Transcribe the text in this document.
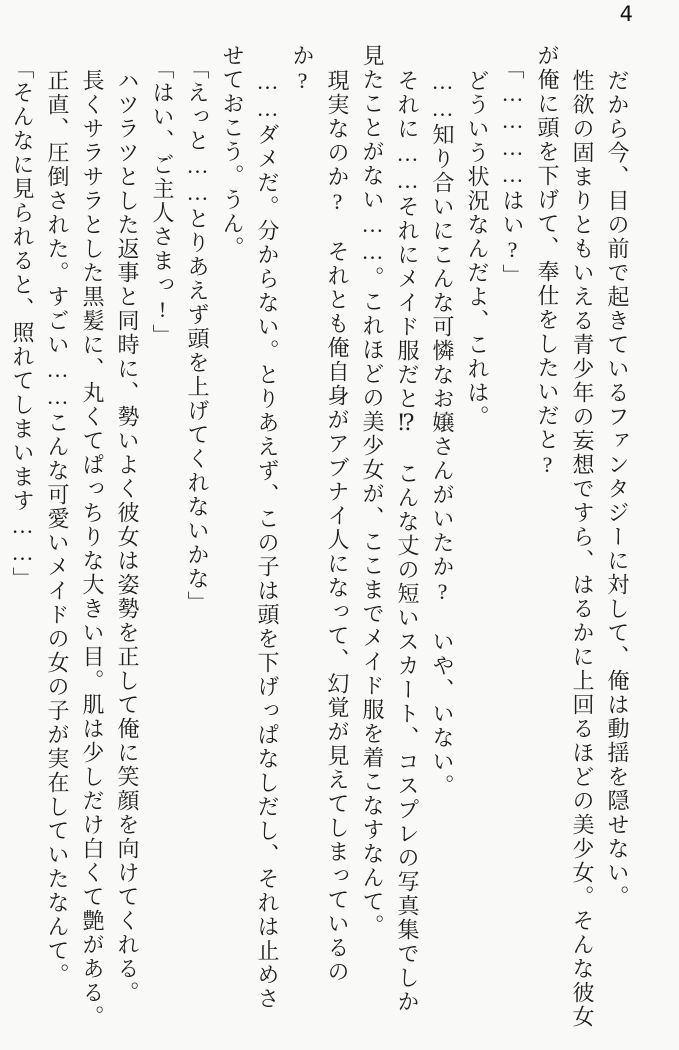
4
だから今、目の前で起きているファンタジーに対して、俺は動揺を隠せない。
性欲の固まりともいえる青少年の妄想ですら、はるかに上回るほどの美少女。そんな彼女が俺に頭を下げて、奉仕をしたいだと?
「…………はい?」
どういう状況なんだよ、これは。
……知り合いにこんな可憐なお嬢さんがいたか?　いや、いない。
それに……それにメイド服だと⁉　こんな丈の短いスカート、コスプレの写真集でしか見たことがない……。これほどの美少女が、ここまでメイド服を着こなすなんて。
現実なのか?　それとも俺自身がアブナイ人になって、幻覚が見えてしまっているのか?
……ダメだ。分からない。とりあえず、この子は頭を下げっぱなしだし、それは止めさせておこう。うん。
「えっと……とりあえず頭を上げてくれないかな」
「はい、ご主人さまっ!」
ハツラツとした返事と同時に、勢いよく彼女は姿勢を正して俺に笑顔を向けてくれる。
長くサラサラとした黒髪に、丸くてぱっちりな大きい目。肌は少しだけ白くて艶がある。
正直、圧倒された。すごい……こんな可愛いメイドの女の子が実在していたなんて。
「そんなに見られると、照れてしまいます……」
